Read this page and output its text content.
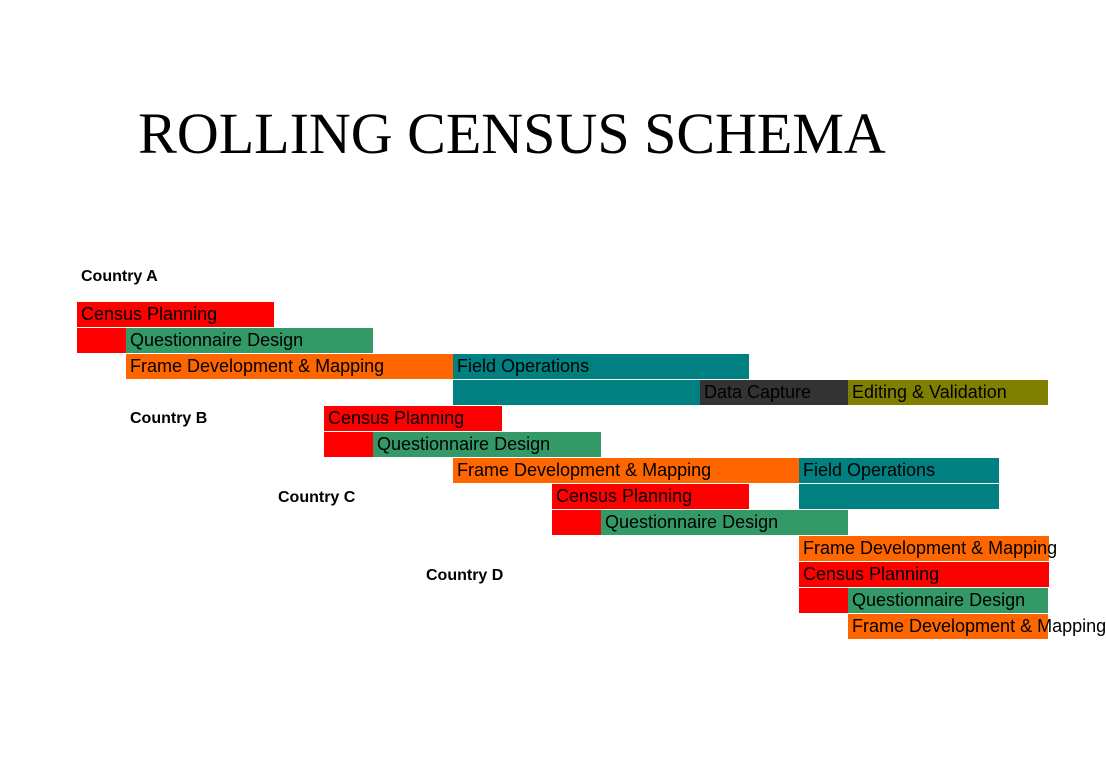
ROLLING CENSUS SCHEMA
Country A
Country B
Country C
Country D
Census Planning
Questionnaire Design
Frame Development & Mapping	Field Operations
Data Capture Editing & Validation
Census Planning
Questionnaire Design
Frame Development & Mapping	Field Operations
Census Planning
Questionnaire Design
Frame Development & Mapping
Census Planning
Questionnaire Design
Frame Development & Mapping
